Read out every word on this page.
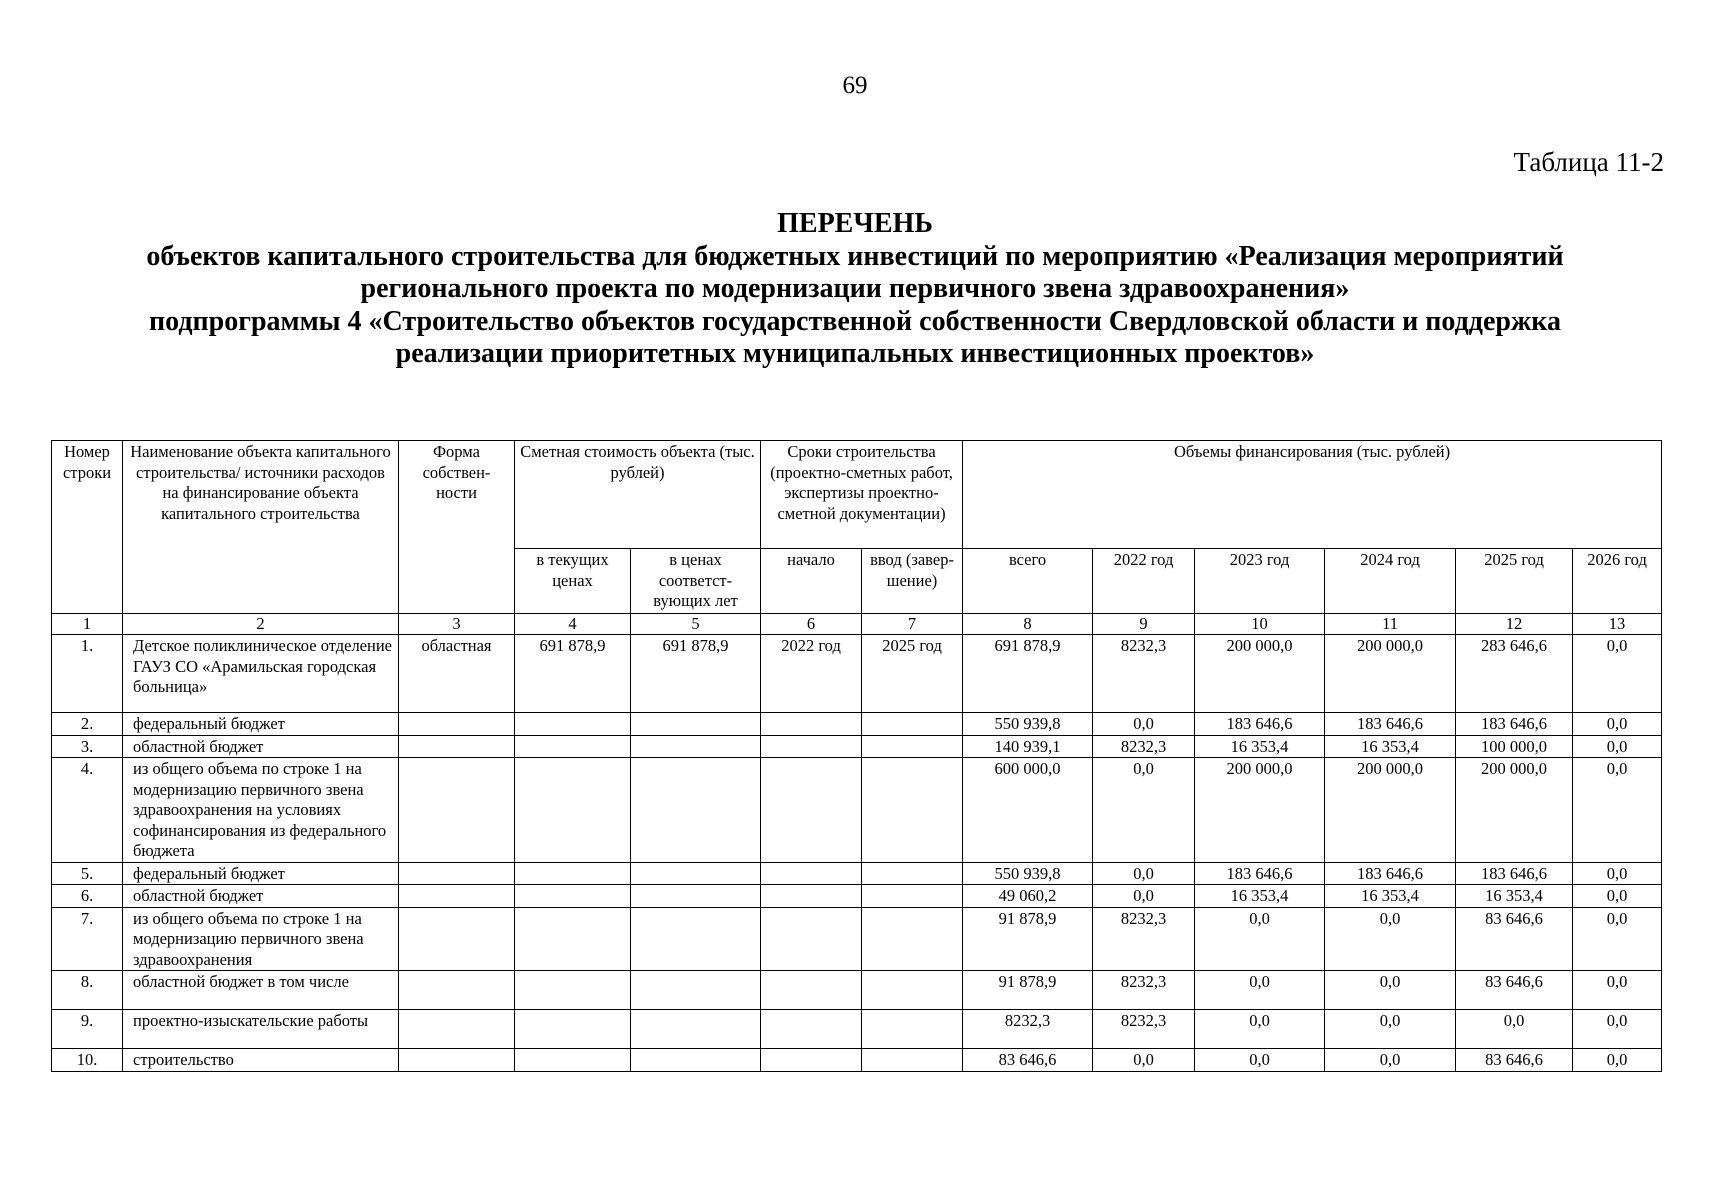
69
Таблица 11-2
ПЕРЕЧЕНЬ
объектов капитального строительства для бюджетных инвестиций по мероприятию «Реализация мероприятий
регионального проекта по модернизации первичного звена здравоохранения»
подпрограммы 4 «Строительство объектов государственной собственности Свердловской области и поддержка
реализации приоритетных муниципальных инвестиционных проектов»
Номер строки	Наименование объекта капитального строительства/ источники расходов на финансирование объекта капитального строительства	Форма собствен- ности	Сметная стоимость объекта (тыс. рублей)		Сроки строительства (проектно-сметных работ, экспертизы проектно-сметной документации)		Объемы финансирования (тыс. рублей)					
			в текущих ценах	в ценах соответст- вующих лет	начало	ввод (завер- шение)	всего	2022 год	2023 год	2024 год	2025 год	2026 год
1	2	3	4	5	6	7	8	9	10	11	12	13
1.	Детское поликлиническое отделение ГАУЗ СО «Арамильская городская больница»	областная	691 878,9	691 878,9	2022 год	2025 год	691 878,9	8232,3	200 000,0	200 000,0	283 646,6	0,0
2.	федеральный бюджет						550 939,8	0,0	183 646,6	183 646,6	183 646,6	0,0
3.	областной бюджет						140 939,1	8232,3	16 353,4	16 353,4	100 000,0	0,0
4.	из общего объема по строке 1 на модернизацию первичного звена здравоохранения на условиях софинансирования из федерального бюджета						600 000,0	0,0	200 000,0	200 000,0	200 000,0	0,0
5.	федеральный бюджет						550 939,8	0,0	183 646,6	183 646,6	183 646,6	0,0
6.	областной бюджет						49 060,2	0,0	16 353,4	16 353,4	16 353,4	0,0
7.	из общего объема по строке 1 на модернизацию первичного звена здравоохранения						91 878,9	8232,3	0,0	0,0	83 646,6	0,0
8.	областной бюджет в том числе						91 878,9	8232,3	0,0	0,0	83 646,6	0,0
9.	проектно-изыскательские работы						8232,3	8232,3	0,0	0,0	0,0	0,0
10.	строительство						83 646,6	0,0	0,0	0,0	83 646,6	0,0
